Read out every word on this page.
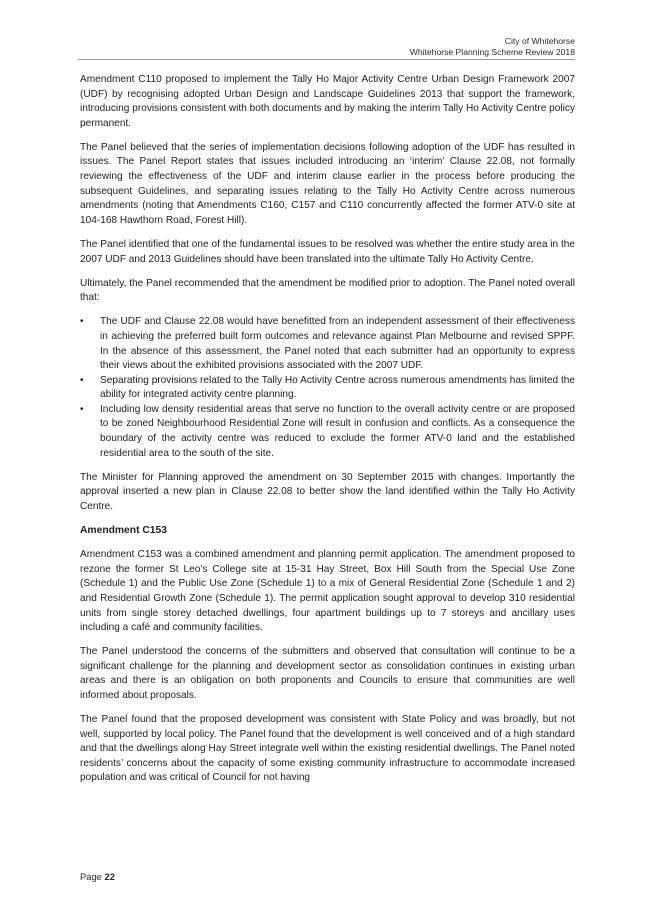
City of Whitehorse
Whitehorse Planning Scheme Review 2018

Amendment C110 proposed to implement the Tally Ho Major Activity Centre Urban Design Framework 2007 (UDF) by recognising adopted Urban Design and Landscape Guidelines 2013 that support the framework, introducing provisions consistent with both documents and by making the interim Tally Ho Activity Centre policy permanent.

The Panel believed that the series of implementation decisions following adoption of the UDF has resulted in issues. The Panel Report states that issues included introducing an ‘interim’ Clause 22.08, not formally reviewing the effectiveness of the UDF and interim clause earlier in the process before producing the subsequent Guidelines, and separating issues relating to the Tally Ho Activity Centre across numerous amendments (noting that Amendments C160, C157 and C110 concurrently affected the former ATV-0 site at 104-168 Hawthorn Road, Forest Hill).

The Panel identified that one of the fundamental issues to be resolved was whether the entire study area in the 2007 UDF and 2013 Guidelines should have been translated into the ultimate Tally Ho Activity Centre.

Ultimately, the Panel recommended that the amendment be modified prior to adoption. The Panel noted overall that:

• The UDF and Clause 22.08 would have benefitted from an independent assessment of their effectiveness in achieving the preferred built form outcomes and relevance against Plan Melbourne and revised SPPF. In the absence of this assessment, the Panel noted that each submitter had an opportunity to express their views about the exhibited provisions associated with the 2007 UDF.
• Separating provisions related to the Tally Ho Activity Centre across numerous amendments has limited the ability for integrated activity centre planning.
• Including low density residential areas that serve no function to the overall activity centre or are proposed to be zoned Neighbourhood Residential Zone will result in confusion and conflicts. As a consequence the boundary of the activity centre was reduced to exclude the former ATV-0 land and the established residential area to the south of the site.

The Minister for Planning approved the amendment on 30 September 2015 with changes. Importantly the approval inserted a new plan in Clause 22.08 to better show the land identified within the Tally Ho Activity Centre.

Amendment C153

Amendment C153 was a combined amendment and planning permit application. The amendment proposed to rezone the former St Leo’s College site at 15-31 Hay Street, Box Hill South from the Special Use Zone (Schedule 1) and the Public Use Zone (Schedule 1) to a mix of General Residential Zone (Schedule 1 and 2) and Residential Growth Zone (Schedule 1). The permit application sought approval to develop 310 residential units from single storey detached dwellings, four apartment buildings up to 7 storeys and ancillary uses including a café and community facilities.

The Panel understood the concerns of the submitters and observed that consultation will continue to be a significant challenge for the planning and development sector as consolidation continues in existing urban areas and there is an obligation on both proponents and Councils to ensure that communities are well informed about proposals.

The Panel found that the proposed development was consistent with State Policy and was broadly, but not well, supported by local policy. The Panel found that the development is well conceived and of a high standard and that the dwellings along Hay Street integrate well within the existing residential dwellings. The Panel noted residents’ concerns about the capacity of some existing community infrastructure to accommodate increased population and was critical of Council for not having

Page 22
